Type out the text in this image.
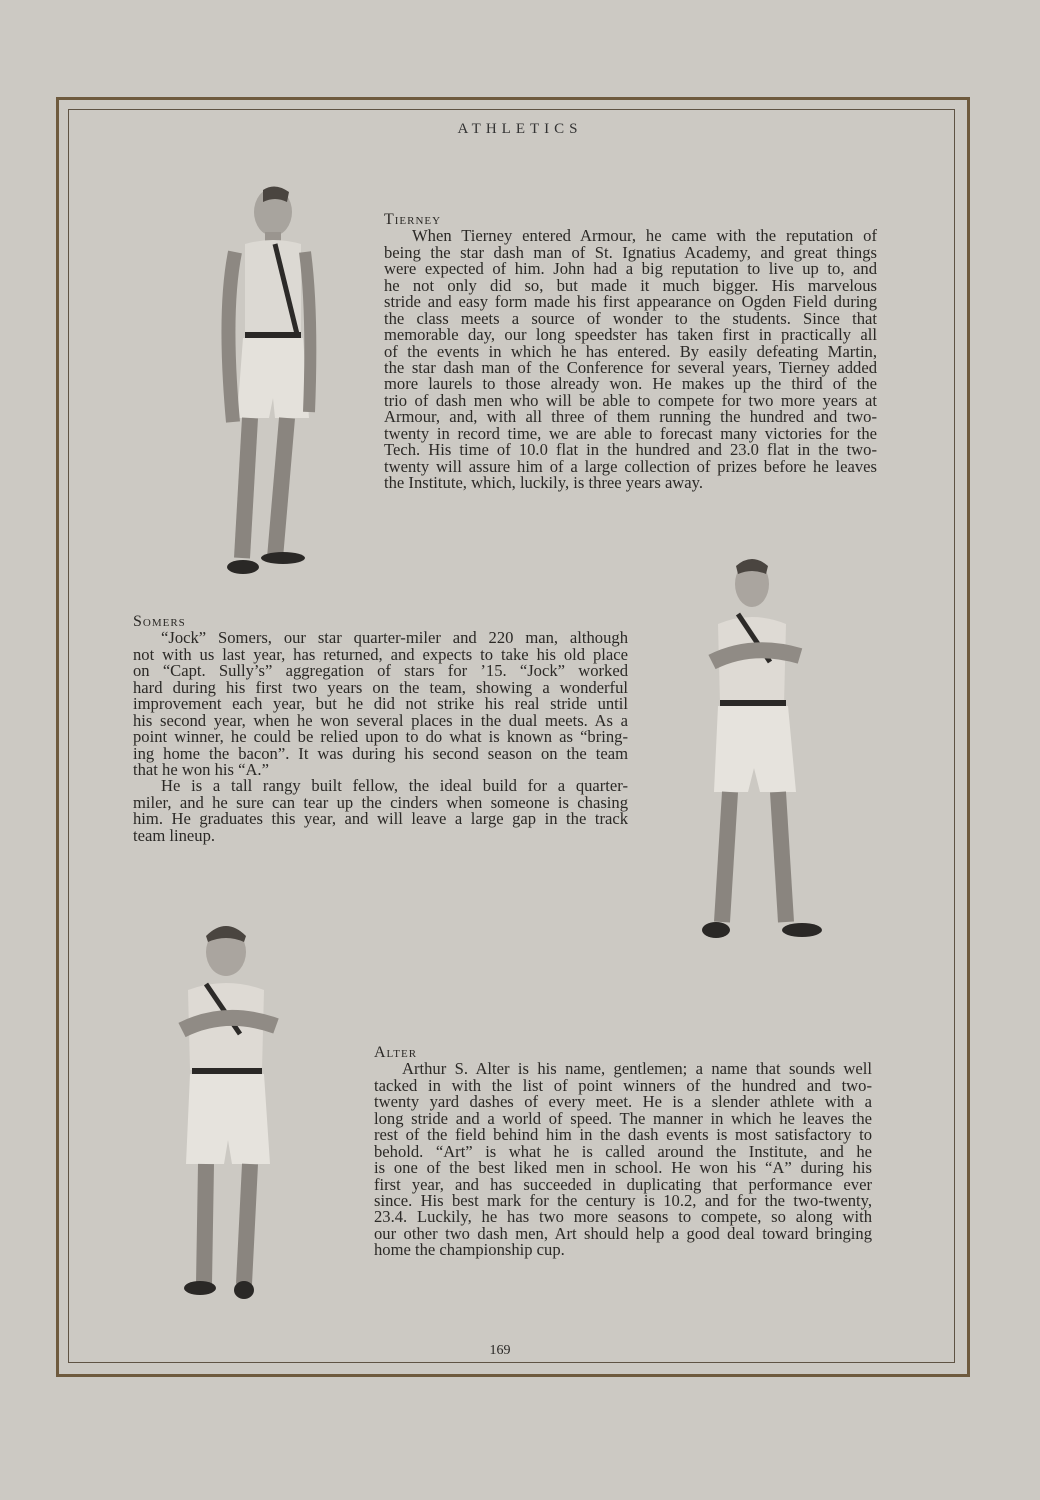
ATHLETICS
Tierney
When Tierney entered Armour, he came with the reputation of
being the star dash man of St. Ignatius Academy, and great things
were expected of him. John had a big reputation to live up to, and
he not only did so, but made it much bigger. His marvelous
stride and easy form made his first appearance on Ogden Field during
the class meets a source of wonder to the students. Since that
memorable day, our long speedster has taken first in practically all
of the events in which he has entered. By easily defeating Martin,
the star dash man of the Conference for several years, Tierney added
more laurels to those already won. He makes up the third of the
trio of dash men who will be able to compete for two more years at
Armour, and, with all three of them running the hundred and two-
twenty in record time, we are able to forecast many victories for the
Tech. His time of 10.0 flat in the hundred and 23.0 flat in the two-
twenty will assure him of a large collection of prizes before he leaves
the Institute, which, luckily, is three years away.
Somers
“Jock” Somers, our star quarter-miler and 220 man, although
not with us last year, has returned, and expects to take his old place
on “Capt. Sully’s” aggregation of stars for ’15. “Jock” worked
hard during his first two years on the team, showing a wonderful
improvement each year, but he did not strike his real stride until
his second year, when he won several places in the dual meets. As a
point winner, he could be relied upon to do what is known as “bring-
ing home the bacon”. It was during his second season on the team
that he won his “A.”
He is a tall rangy built fellow, the ideal build for a quarter-
miler, and he sure can tear up the cinders when someone is chasing
him. He graduates this year, and will leave a large gap in the track
team lineup.
Alter
Arthur S. Alter is his name, gentlemen; a name that sounds well
tacked in with the list of point winners of the hundred and two-
twenty yard dashes of every meet. He is a slender athlete with a
long stride and a world of speed. The manner in which he leaves the
rest of the field behind him in the dash events is most satisfactory to
behold. “Art” is what he is called around the Institute, and he
is one of the best liked men in school. He won his “A” during his
first year, and has succeeded in duplicating that performance ever
since. His best mark for the century is 10.2, and for the two-twenty,
23.4. Luckily, he has two more seasons to compete, so along with
our other two dash men, Art should help a good deal toward bringing
home the championship cup.
169
